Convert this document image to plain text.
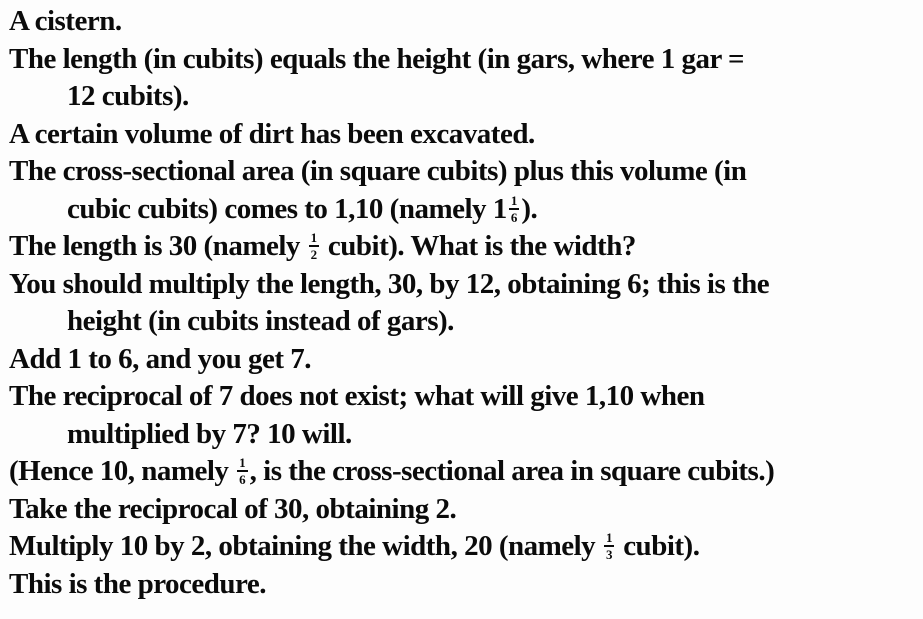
A cistern.
The length (in cubits) equals the height (in gars, where 1 gar =
12 cubits).
A certain volume of dirt has been excavated.
The cross-sectional area (in square cubits) plus this volume (in
cubic cubits) comes to 1,10 (namely $1 \frac{1}{6}$ ).
The length is 30 (namely $\frac{1}{2}$ cubit). What is the width?
You should multiply the length, 30, by 12, obtaining 6; this is the
height (in cubits instead of gars).
Add 1 to 6, and you get 7.
The reciprocal of 7 does not exist; what will give 1,10 when
multiplied by 7? 10 will.
(Hence 10, namely $\frac{1}{6}$ , is the cross-sectional area in square cubits.)
Take the reciprocal of 30, obtaining 2.
Multiply 10 by 2, obtaining the width, 20 (namely $\frac{1}{3}$ cubit).
This is the procedure.
